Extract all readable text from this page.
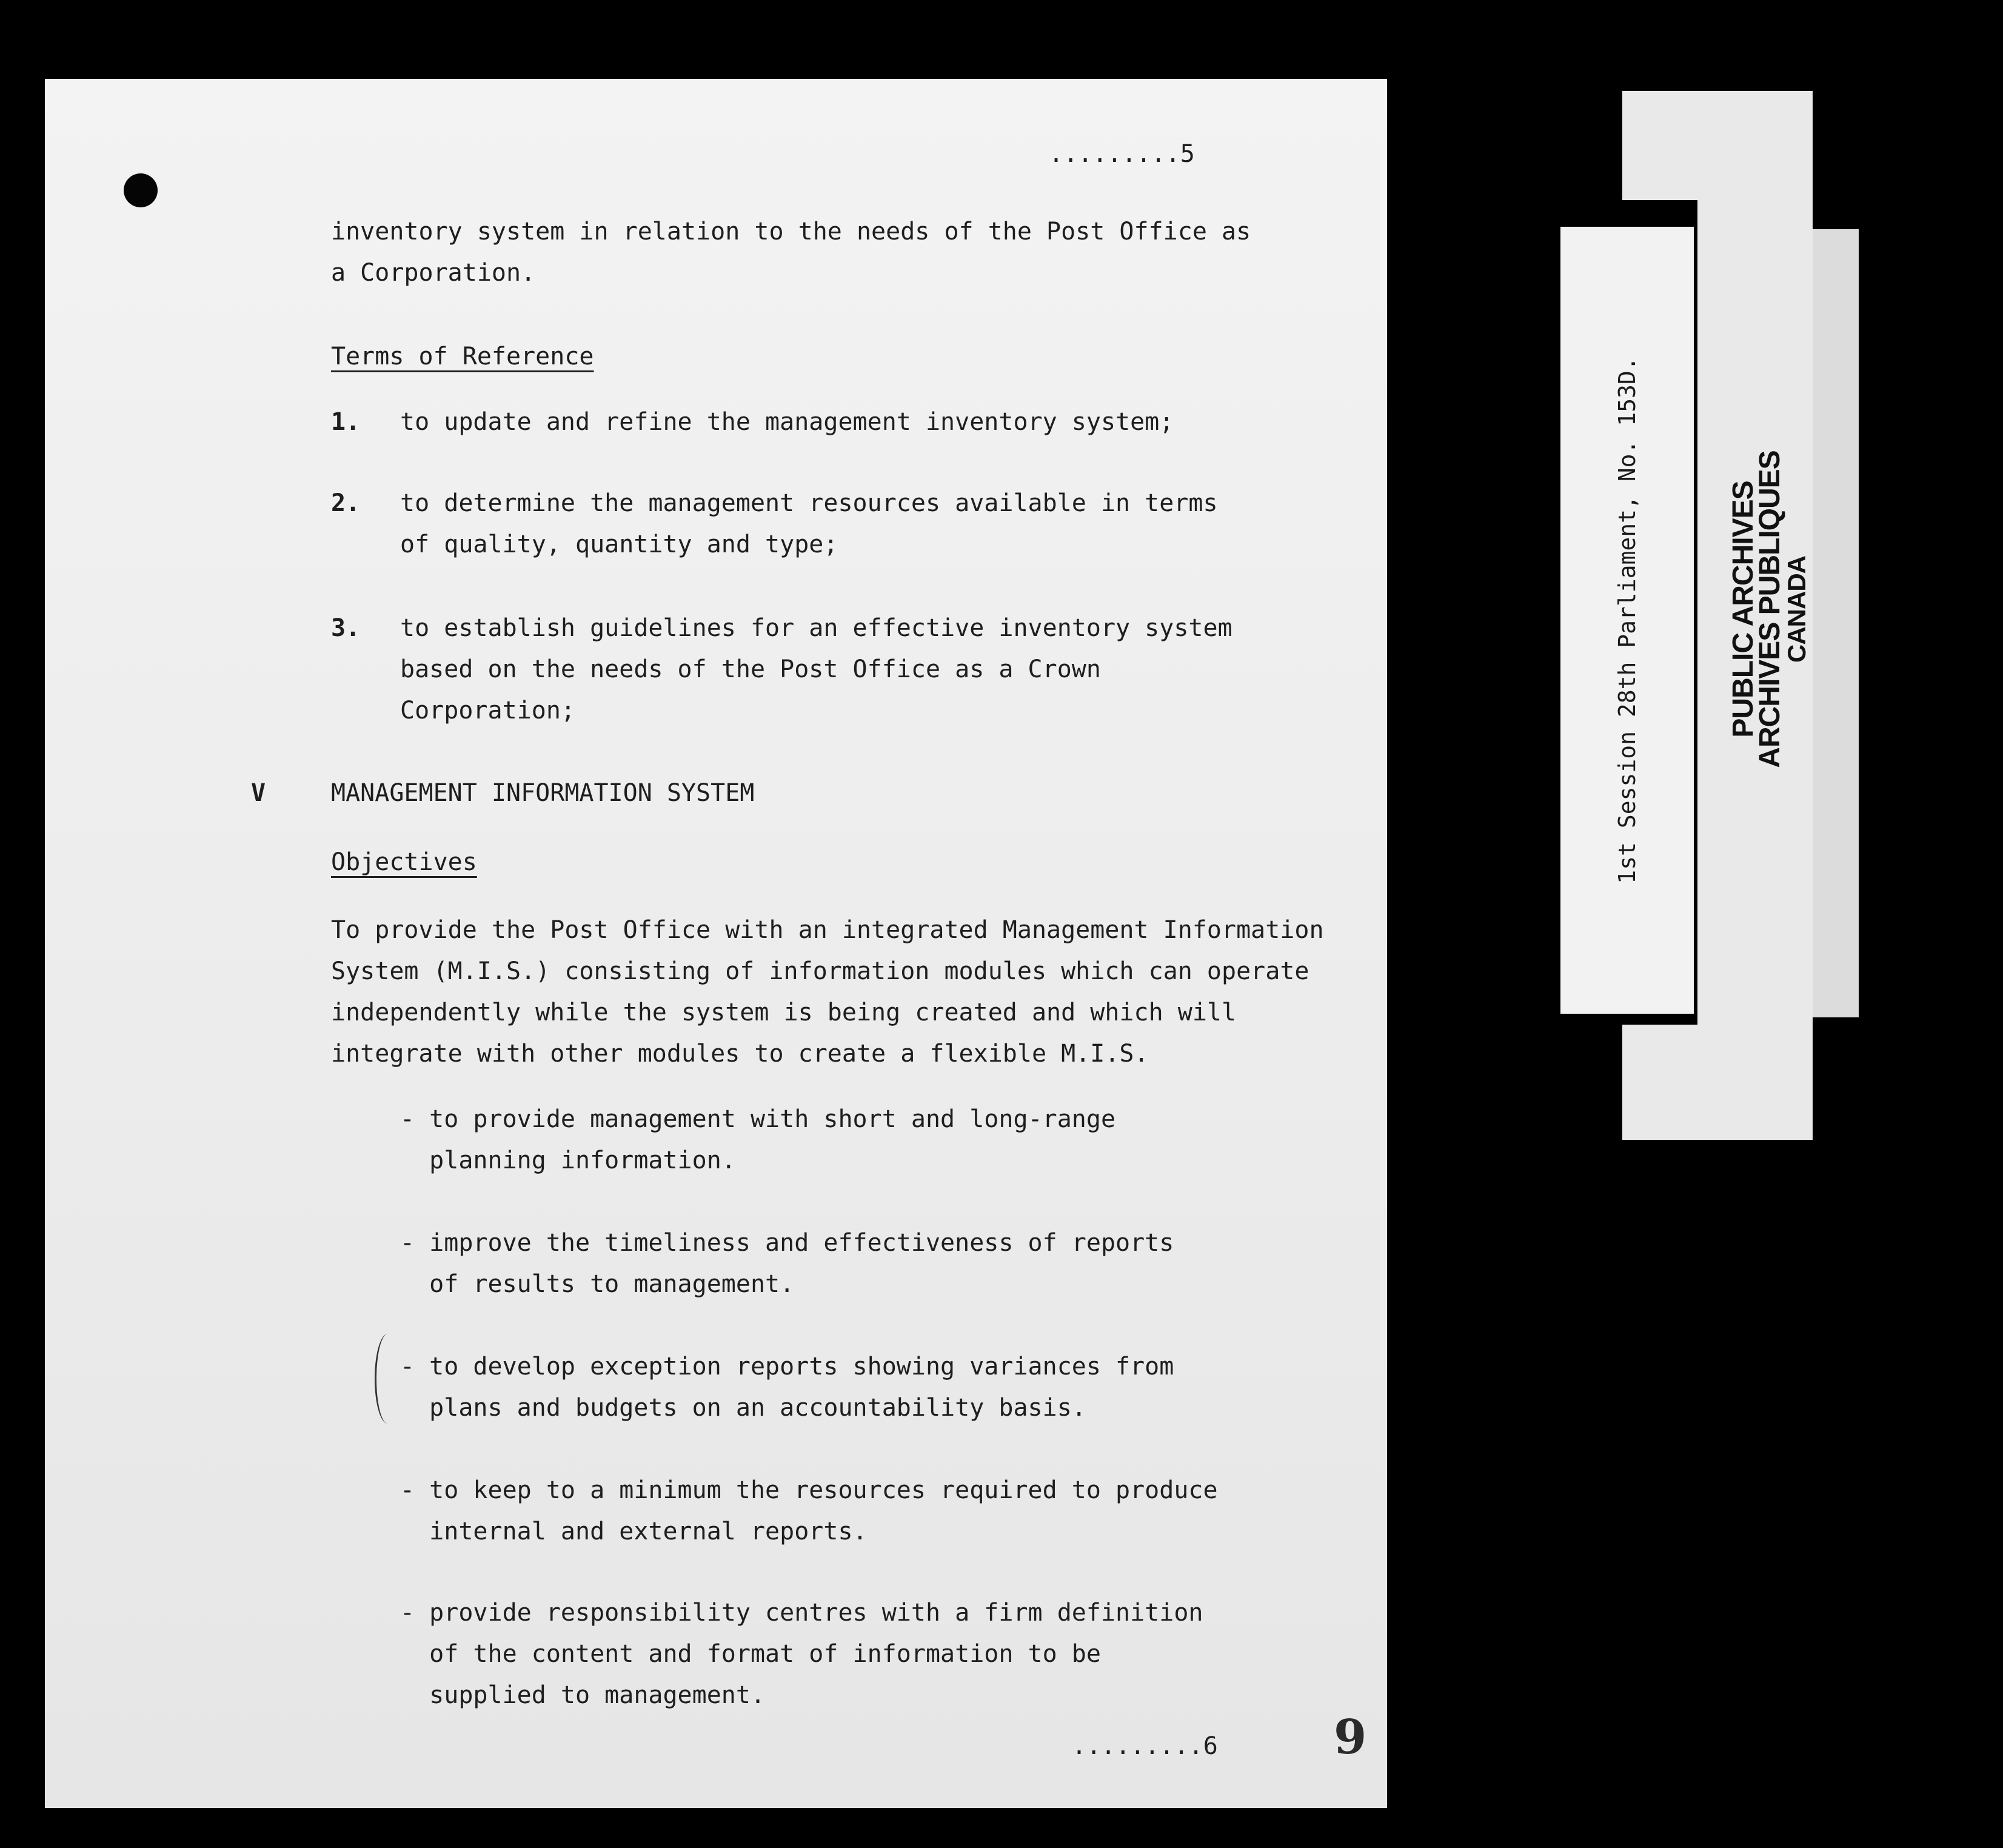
.........5
inventory system in relation to the needs of the Post Office as
a Corporation.
Terms of Reference
1. to update and refine the management inventory system;
2. to determine the management resources available in terms
of quality, quantity and type;
3. to establish guidelines for an effective inventory system
based on the needs of the Post Office as a Crown
Corporation;
V	MANAGEMENT INFORMATION SYSTEM
Objectives
To provide the Post Office with an integrated Management Information
System (M.I.S.) consisting of information modules which can operate
independently while the system is being created and which will
integrate with other modules to create a flexible M.I.S.
- to provide management with short and long-range
planning information.
- improve the timeliness and effectiveness of reports
of results to management.
- to develop exception reports showing variances from
plans and budgets on an accountability basis.
- to keep to a minimum the resources required to produce
internal and external reports.
- provide responsibility centres with a firm definition
of the content and format of information to be
supplied to management.
.........6 9
1st Session 28th Parliament, No. 153D.	PUBLIC ARCHIVES
ARCHIVES PUBLIQUES
CANADA
